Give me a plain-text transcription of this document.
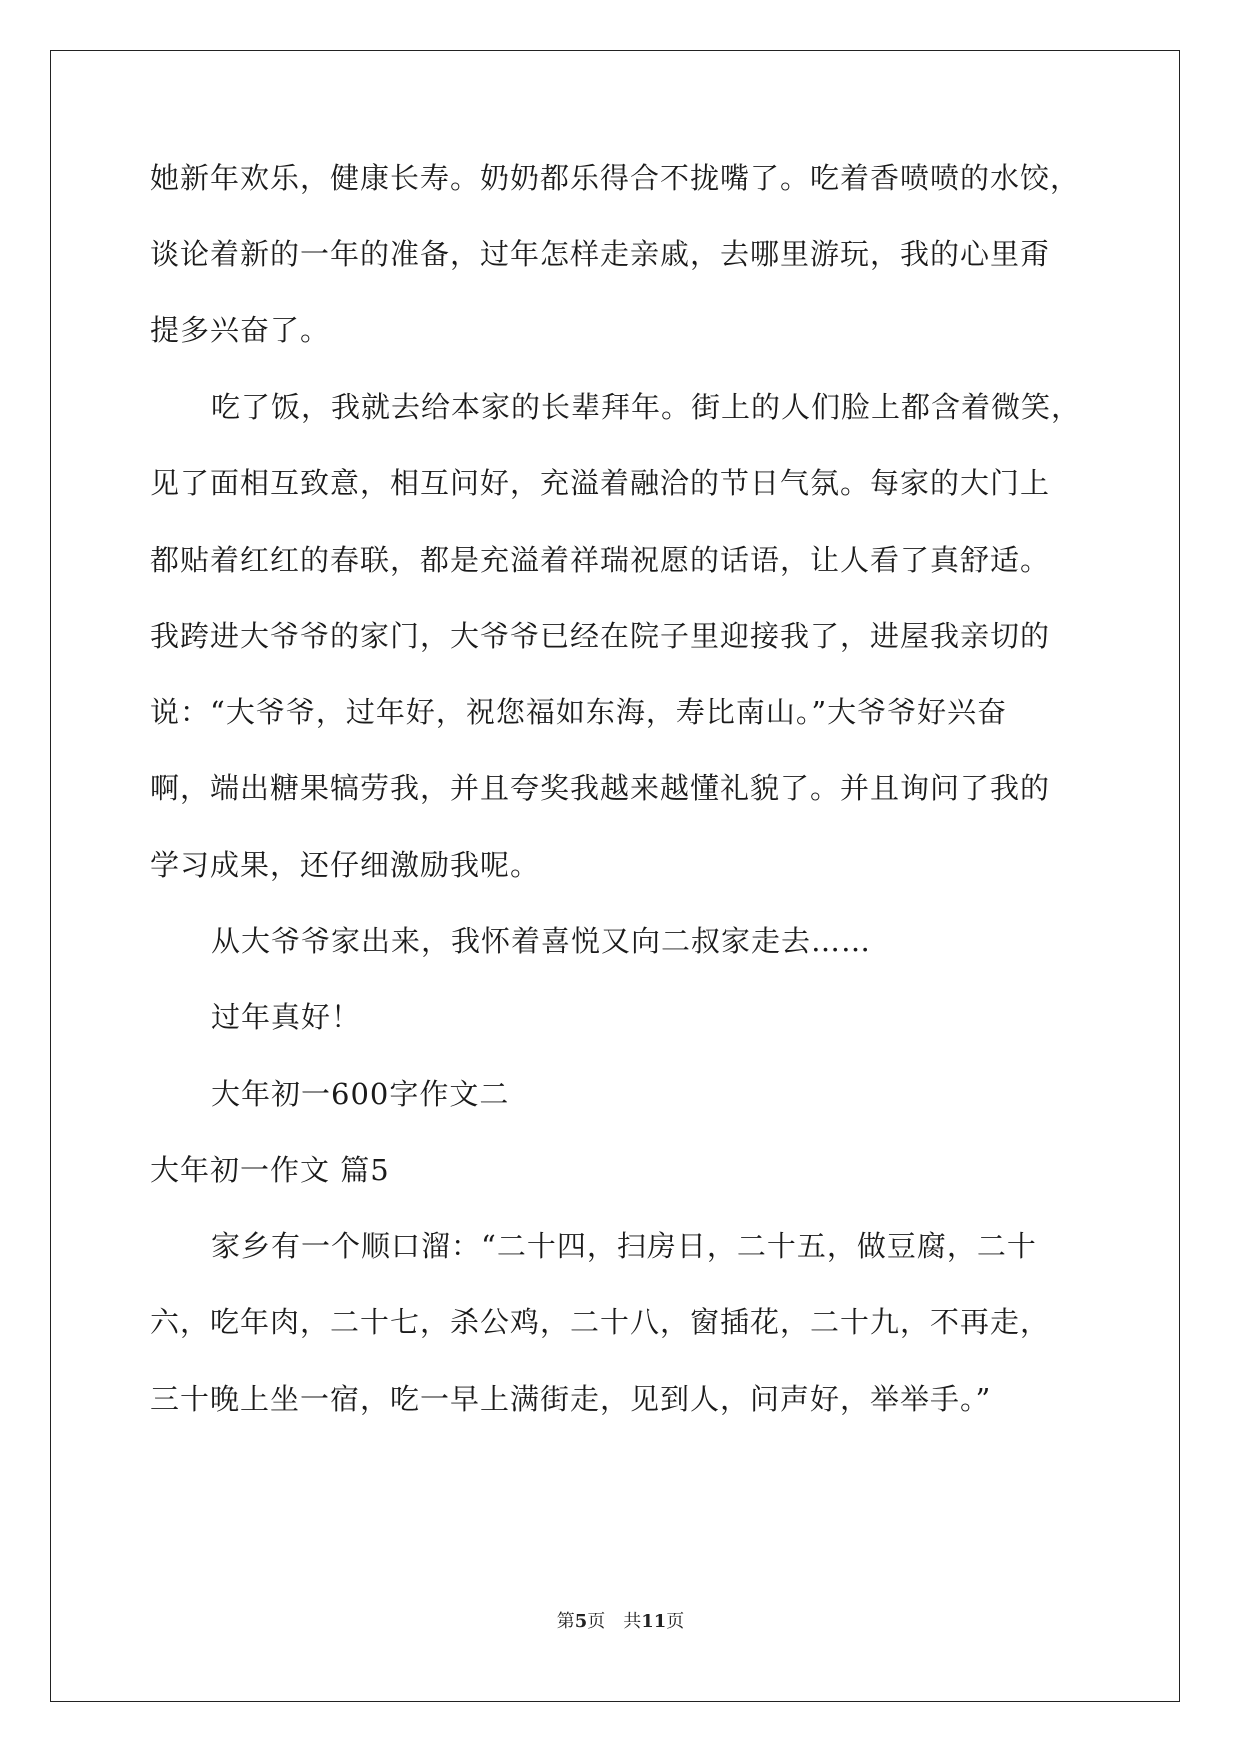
她新年欢乐，健康长寿。奶奶都乐得合不拢嘴了。吃着香喷喷的水饺，
谈论着新的一年的准备，过年怎样走亲戚，去哪里游玩，我的心里甭
提多兴奋了。
吃了饭，我就去给本家的长辈拜年。街上的人们脸上都含着微笑，
见了面相互致意，相互问好，充溢着融洽的节日气氛。每家的大门上
都贴着红红的春联，都是充溢着祥瑞祝愿的话语，让人看了真舒适。
我跨进大爷爷的家门，大爷爷已经在院子里迎接我了，进屋我亲切的
说：“大爷爷，过年好，祝您福如东海，寿比南山。”大爷爷好兴奋
啊，端出糖果犒劳我，并且夸奖我越来越懂礼貌了。并且询问了我的
学习成果，还仔细激励我呢。
从大爷爷家出来，我怀着喜悦又向二叔家走去……
过年真好！
大年初一600字作文二
大年初一作文 篇5
家乡有一个顺口溜：“二十四，扫房日，二十五，做豆腐，二十
六，吃年肉，二十七，杀公鸡，二十八，窗插花，二十九，不再走，
三十晚上坐一宿，吃一早上满街走，见到人，问声好，举举手。”
第5页　共11页
